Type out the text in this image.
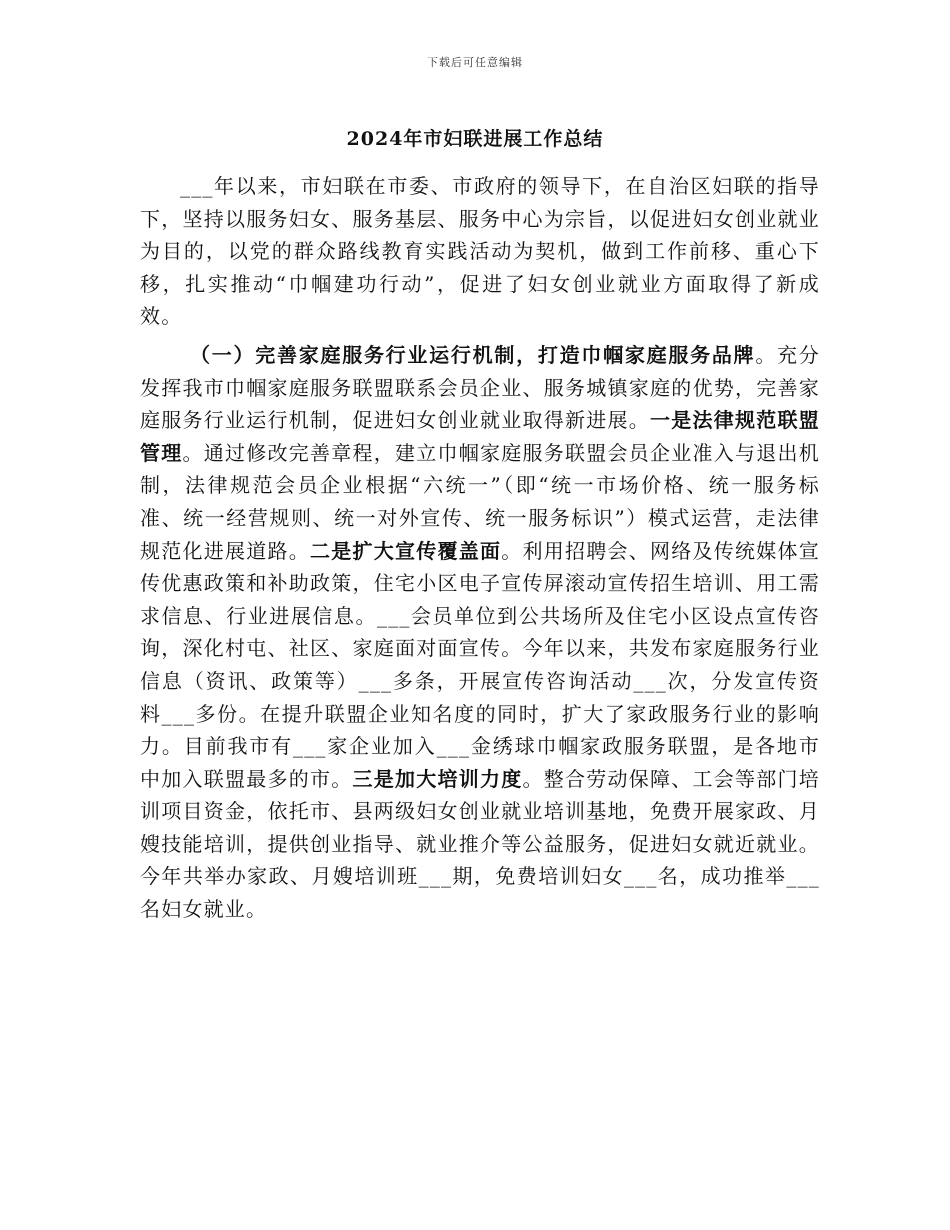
下载后可任意编辑
2024年市妇联进展工作总结

___年以来，市妇联在市委、市政府的领导下，在自治区妇联的指导下，坚持以服务妇女、服务基层、服务中心为宗旨，以促进妇女创业就业为目的，以党的群众路线教育实践活动为契机，做到工作前移、重心下移，扎实推动“巾帼建功行动”，促进了妇女创业就业方面取得了新成效。

（一）完善家庭服务行业运行机制，打造巾帼家庭服务品牌。充分发挥我市巾帼家庭服务联盟联系会员企业、服务城镇家庭的优势，完善家庭服务行业运行机制，促进妇女创业就业取得新进展。一是法律规范联盟管理。通过修改完善章程，建立巾帼家庭服务联盟会员企业准入与退出机制，法律规范会员企业根据“六统一”（即“统一市场价格、统一服务标准、统一经营规则、统一对外宣传、统一服务标识”）模式运营，走法律规范化进展道路。二是扩大宣传覆盖面。利用招聘会、网络及传统媒体宣传优惠政策和补助政策，住宅小区电子宣传屏滚动宣传招生培训、用工需求信息、行业进展信息。___会员单位到公共场所及住宅小区设点宣传咨询，深化村屯、社区、家庭面对面宣传。今年以来，共发布家庭服务行业信息（资讯、政策等）___多条，开展宣传咨询活动___次，分发宣传资料___多份。在提升联盟企业知名度的同时，扩大了家政服务行业的影响力。目前我市有___家企业加入___金绣球巾帼家政服务联盟，是各地市中加入联盟最多的市。三是加大培训力度。整合劳动保障、工会等部门培训项目资金，依托市、县两级妇女创业就业培训基地，免费开展家政、月嫂技能培训，提供创业指导、就业推介等公益服务，促进妇女就近就业。今年共举办家政、月嫂培训班___期，免费培训妇女___名，成功推举___名妇女就业。
